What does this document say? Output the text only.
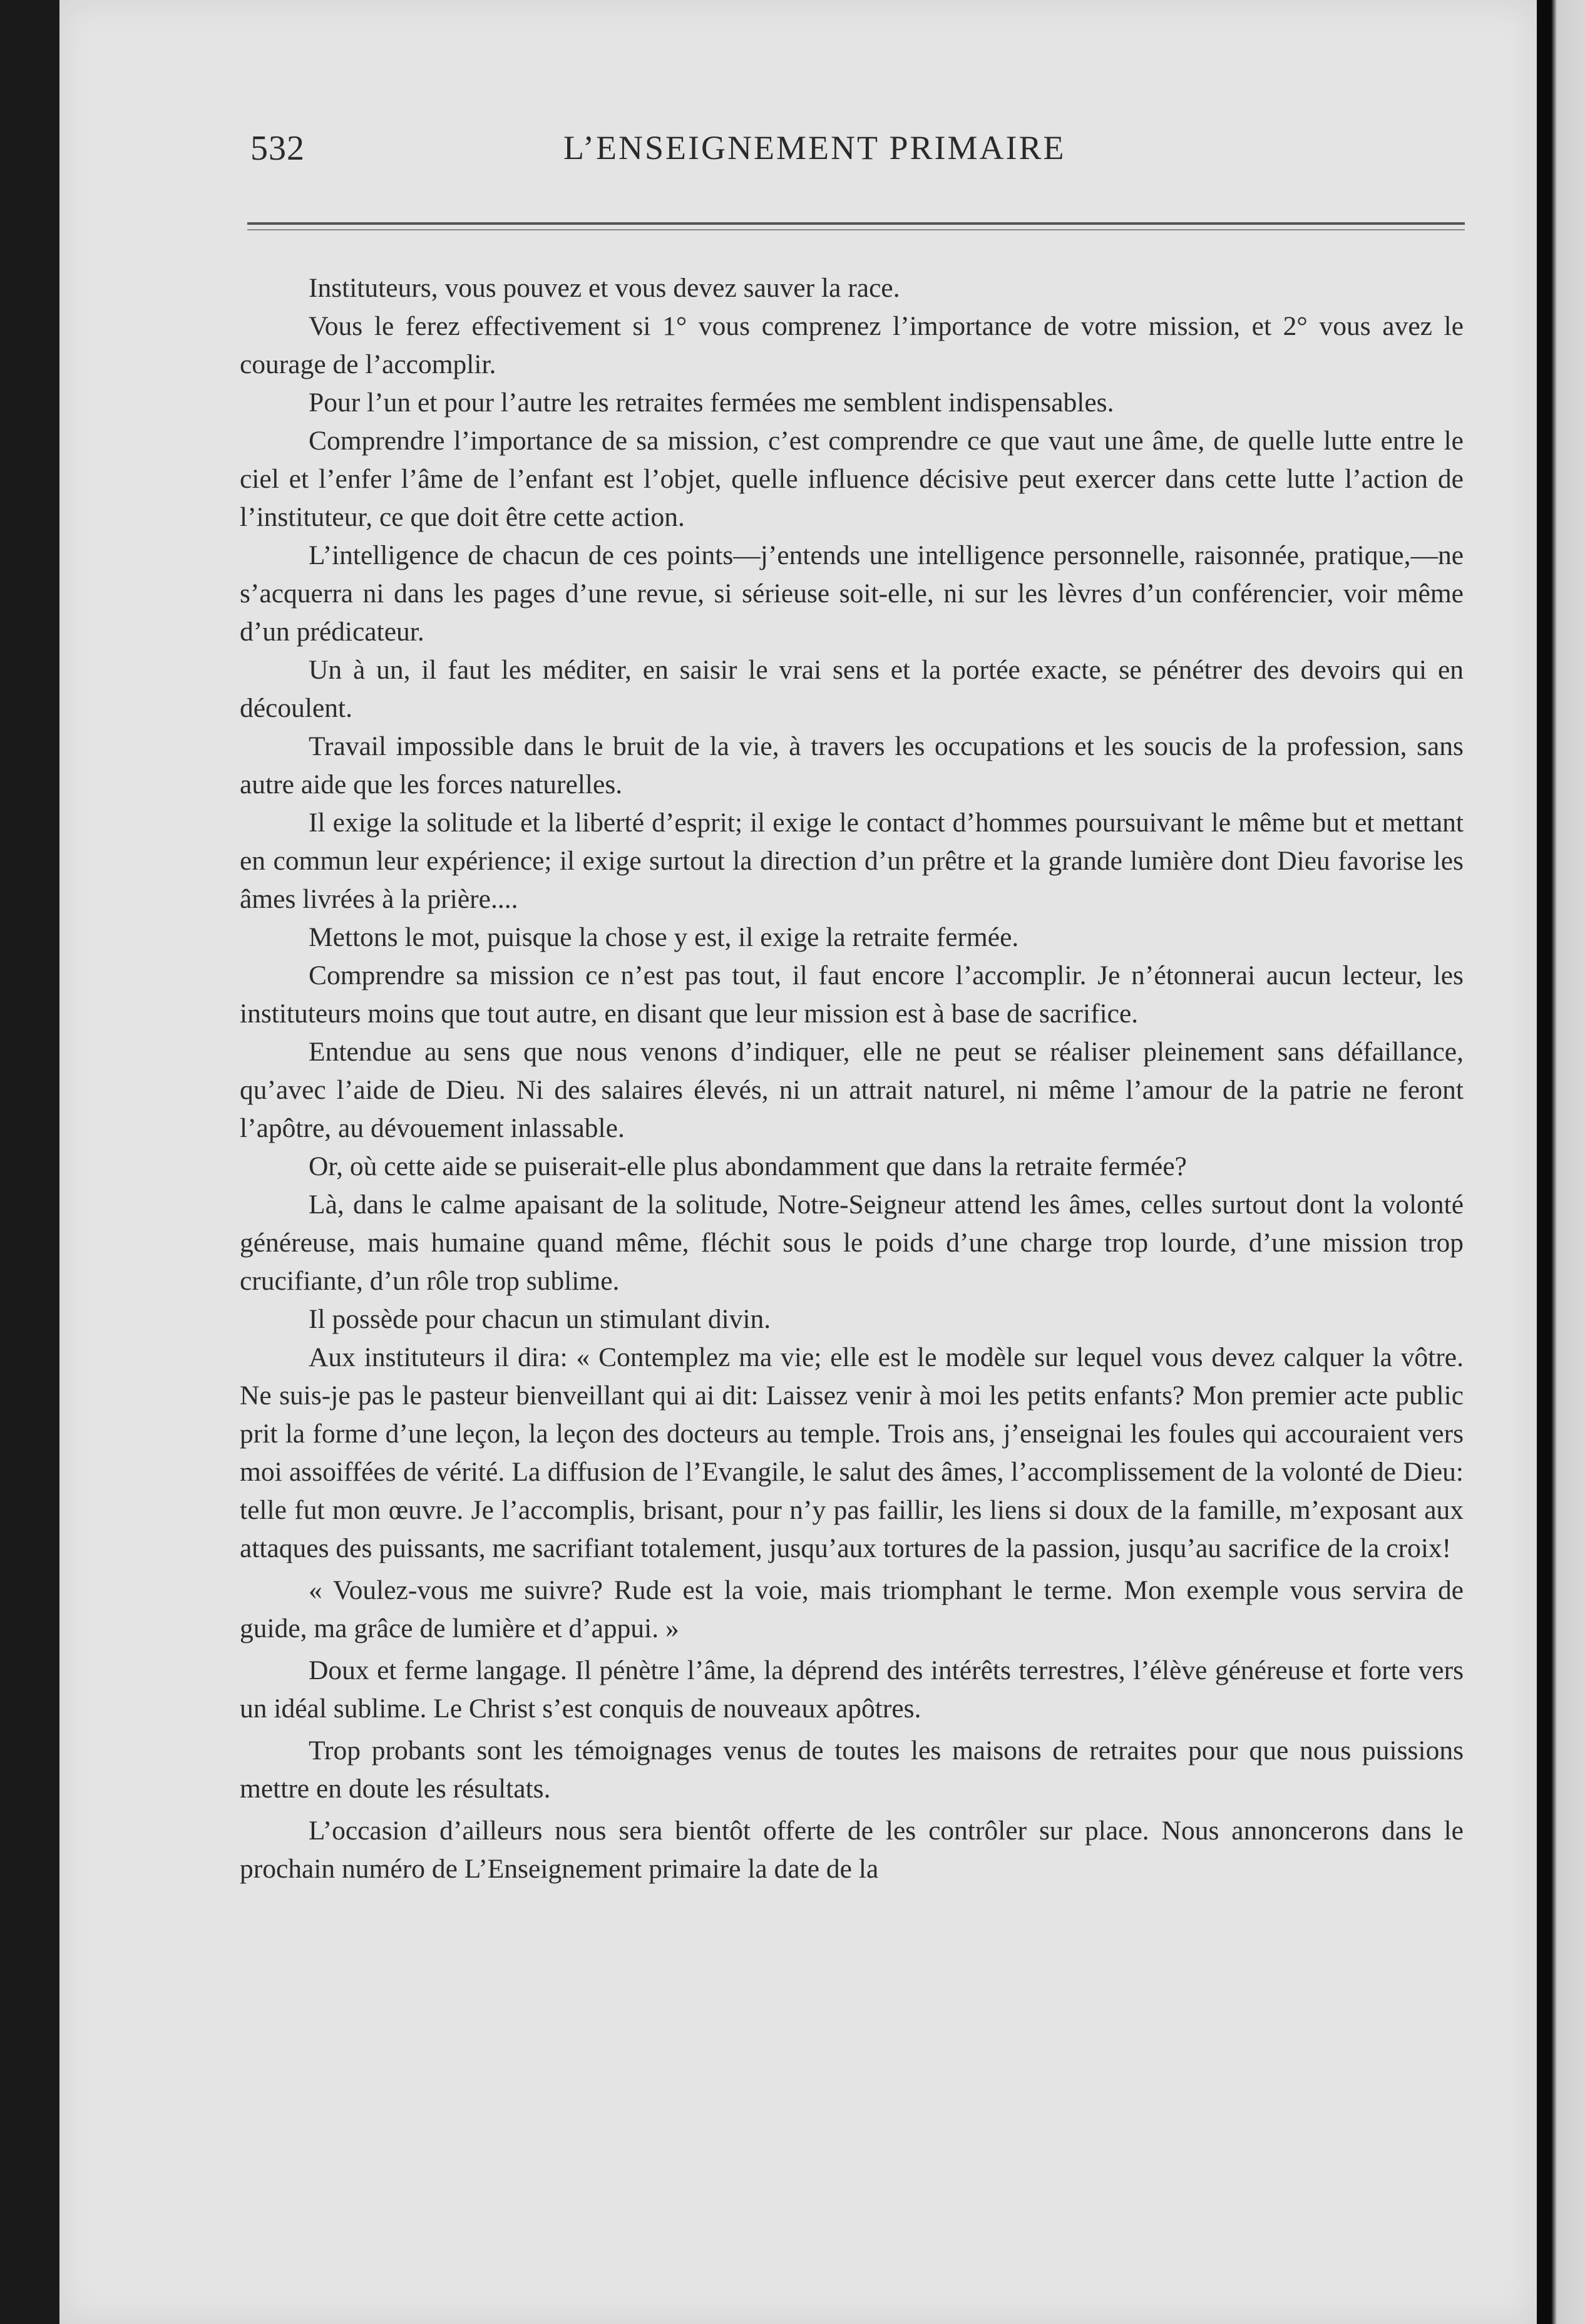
532	L’ENSEIGNEMENT PRIMAIRE

Instituteurs, vous pouvez et vous devez sauver la race.

Vous le ferez effectivement si 1° vous comprenez l’importance de votre mission, et 2° vous avez le courage de l’accomplir.

Pour l’un et pour l’autre les retraites fermées me semblent indispensables.

Comprendre l’importance de sa mission, c’est comprendre ce que vaut une âme, de quelle lutte entre le ciel et l’enfer l’âme de l’enfant est l’objet, quelle influence décisive peut exercer dans cette lutte l’action de l’instituteur, ce que doit être cette action.

L’intelligence de chacun de ces points—j’entends une intelligence personnelle, raisonnée, pratique,—ne s’acquerra ni dans les pages d’une revue, si sérieuse soit-elle, ni sur les lèvres d’un conférencier, voir même d’un prédicateur.

Un à un, il faut les méditer, en saisir le vrai sens et la portée exacte, se pénétrer des devoirs qui en découlent.

Travail impossible dans le bruit de la vie, à travers les occupations et les soucis de la profession, sans autre aide que les forces naturelles.

Il exige la solitude et la liberté d’esprit; il exige le contact d’hommes poursuivant le même but et mettant en commun leur expérience; il exige surtout la direction d’un prêtre et la grande lumière dont Dieu favorise les âmes livrées à la prière....

Mettons le mot, puisque la chose y est, il exige la retraite fermée.

Comprendre sa mission ce n’est pas tout, il faut encore l’accomplir. Je n’étonnerai aucun lecteur, les instituteurs moins que tout autre, en disant que leur mission est à base de sacrifice.

Entendue au sens que nous venons d’indiquer, elle ne peut se réaliser pleinement sans défaillance, qu’avec l’aide de Dieu. Ni des salaires élevés, ni un attrait naturel, ni même l’amour de la patrie ne feront l’apôtre, au dévouement inlassable.

Or, où cette aide se puiserait-elle plus abondamment que dans la retraite fermée?

Là, dans le calme apaisant de la solitude, Notre-Seigneur attend les âmes, celles surtout dont la volonté généreuse, mais humaine quand même, fléchit sous le poids d’une charge trop lourde, d’une mission trop crucifiante, d’un rôle trop sublime.

Il possède pour chacun un stimulant divin.

Aux instituteurs il dira: « Contemplez ma vie; elle est le modèle sur lequel vous devez calquer la vôtre. Ne suis-je pas le pasteur bienveillant qui ai dit: Laissez venir à moi les petits enfants? Mon premier acte public prit la forme d’une leçon, la leçon des docteurs au temple. Trois ans, j’enseignai les foules qui accouraient vers moi assoiffées de vérité. La diffusion de l’Evangile, le salut des âmes, l’accomplissement de la volonté de Dieu: telle fut mon œuvre. Je l’accomplis, brisant, pour n’y pas faillir, les liens si doux de la famille, m’exposant aux attaques des puissants, me sacrifiant totalement, jusqu’aux tortures de la passion, jusqu’au sacrifice de la croix!

« Voulez-vous me suivre? Rude est la voie, mais triomphant le terme. Mon exemple vous servira de guide, ma grâce de lumière et d’appui. »

Doux et ferme langage. Il pénètre l’âme, la déprend des intérêts terrestres, l’élève généreuse et forte vers un idéal sublime. Le Christ s’est conquis de nouveaux apôtres.

Trop probants sont les témoignages venus de toutes les maisons de retraites pour que nous puissions mettre en doute les résultats.

L’occasion d’ailleurs nous sera bientôt offerte de les contrôler sur place. Nous annoncerons dans le prochain numéro de L’Enseignement primaire la date de la
